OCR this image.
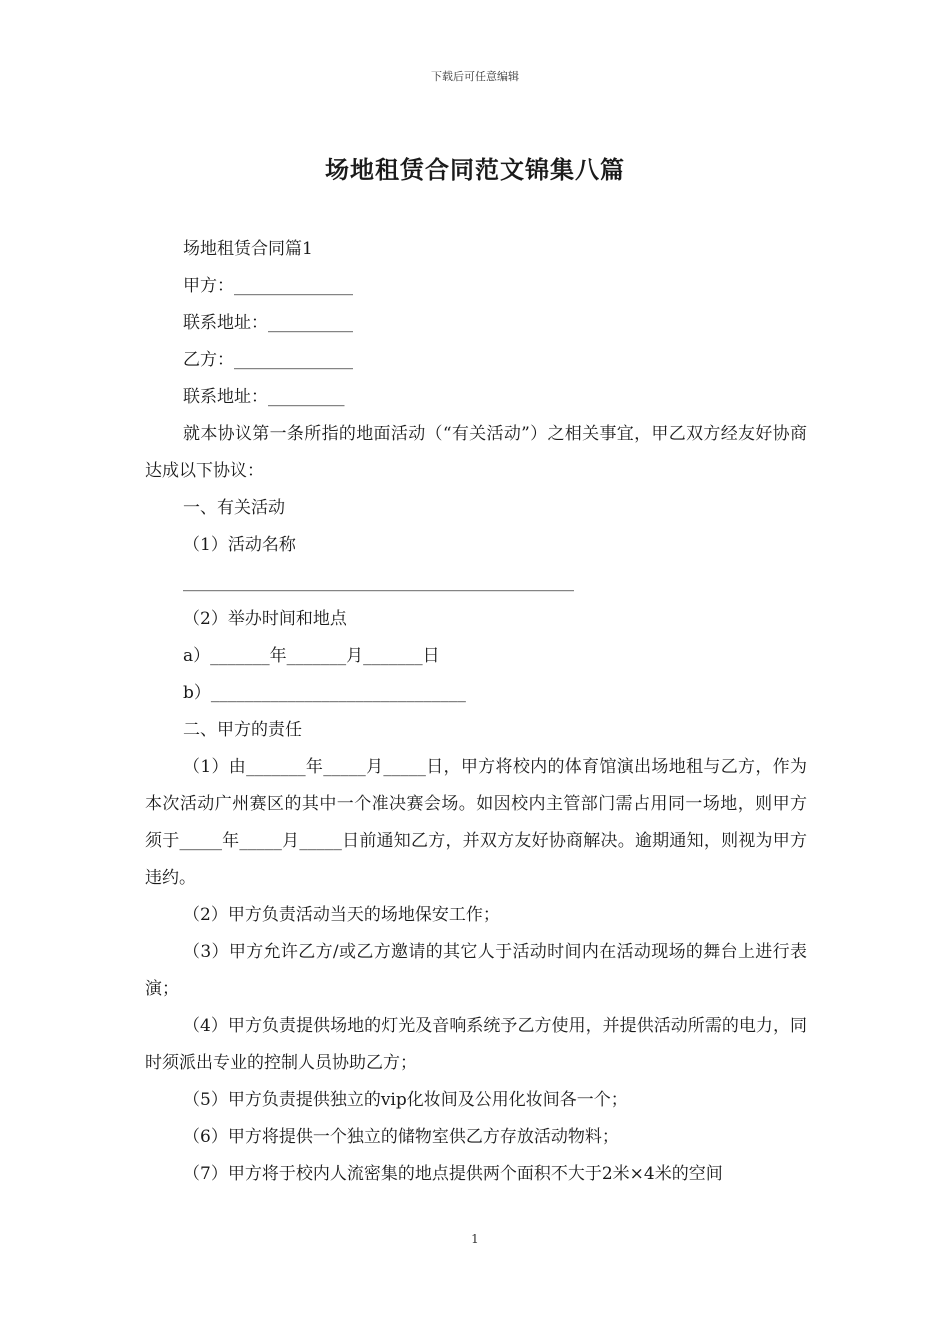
下载后可任意编辑
场地租赁合同范文锦集八篇

场地租赁合同篇1

甲方：______________

联系地址：__________

乙方：______________

联系地址：_________

就本协议第一条所指的地面活动（“有关活动”）之相关事宜，甲乙双方经友好协商达成以下协议：

一、有关活动

（1）活动名称

______________________________________________

（2）举办时间和地点

a）_______年_______月_______日

b）______________________________

二、甲方的责任

（1）由_______年_____月_____日，甲方将校内的体育馆演出场地租与乙方，作为本次活动广州赛区的其中一个准决赛会场。如因校内主管部门需占用同一场地，则甲方须于_____年_____月_____日前通知乙方，并双方友好协商解决。逾期通知，则视为甲方违约。

（2）甲方负责活动当天的场地保安工作；

（3）甲方允许乙方/或乙方邀请的其它人于活动时间内在活动现场的舞台上进行表演；

（4）甲方负责提供场地的灯光及音响系统予乙方使用，并提供活动所需的电力，同时须派出专业的控制人员协助乙方；

（5）甲方负责提供独立的vip化妆间及公用化妆间各一个；

（6）甲方将提供一个独立的储物室供乙方存放活动物料；

（7）甲方将于校内人流密集的地点提供两个面积不大于2米×4米的空间

1
